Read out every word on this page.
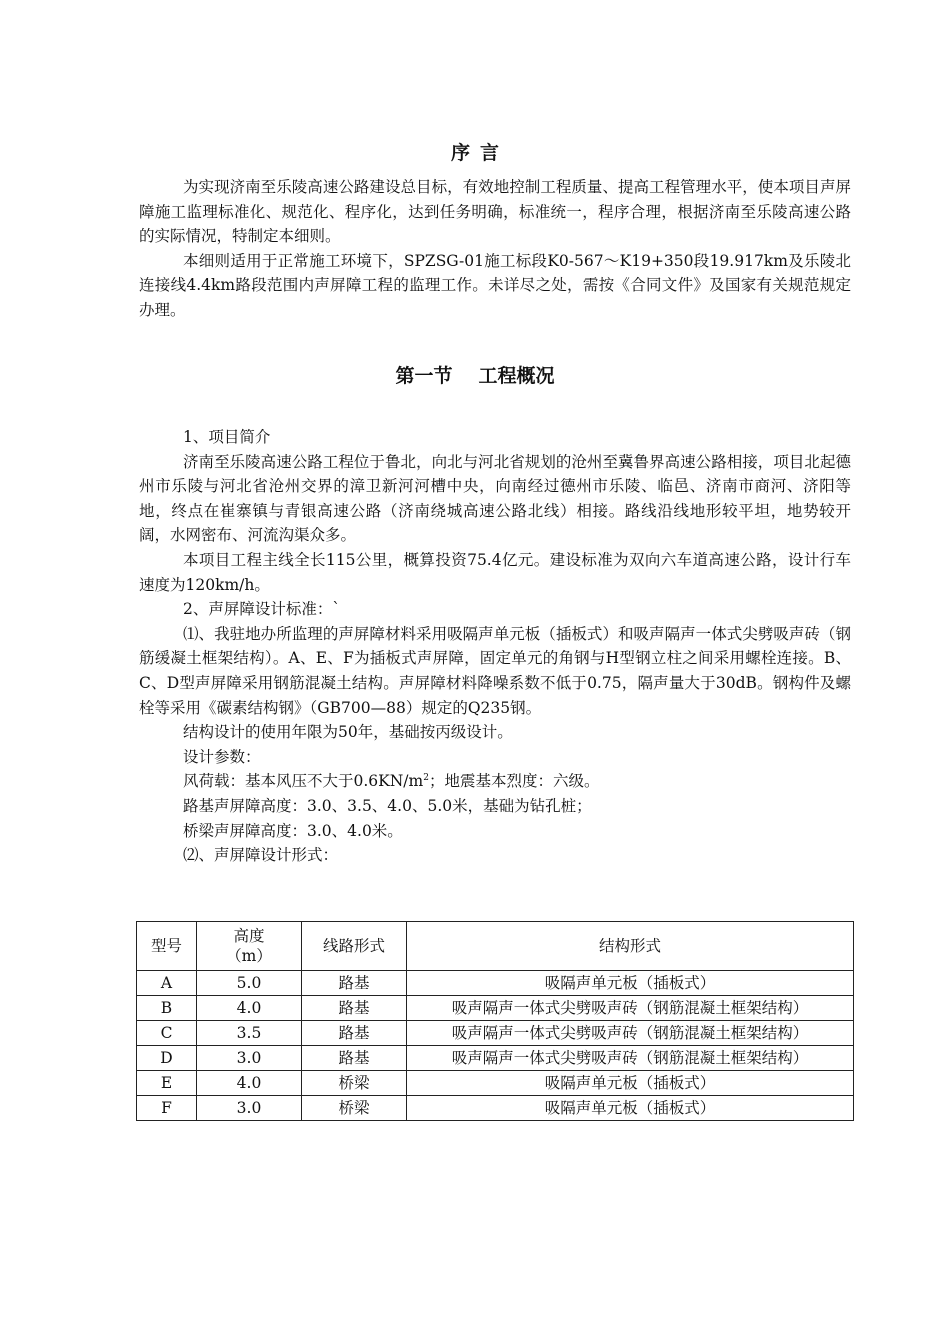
序言

为实现济南至乐陵高速公路建设总目标，有效地控制工程质量、提高工程管理水平，使本项目声屏障施工监理标准化、规范化、程序化，达到任务明确，标准统一，程序合理，根据济南至乐陵高速公路的实际情况，特制定本细则。

本细则适用于正常施工环境下，SPZSG-01施工标段K0-567～K19+350段19.917km及乐陵北连接线4.4km路段范围内声屏障工程的监理工作。未详尽之处，需按《合同文件》及国家有关规范规定办理。

第一节 工程概况

1、项目简介

济南至乐陵高速公路工程位于鲁北，向北与河北省规划的沧州至冀鲁界高速公路相接，项目北起德州市乐陵与河北省沧州交界的漳卫新河河槽中央，向南经过德州市乐陵、临邑、济南市商河、济阳等地，终点在崔寨镇与青银高速公路（济南绕城高速公路北线）相接。路线沿线地形较平坦，地势较开阔，水网密布、河流沟渠众多。

本项目工程主线全长115公里，概算投资75.4亿元。建设标准为双向六车道高速公路，设计行车速度为120km/h。

2、声屏障设计标准：`

⑴、我驻地办所监理的声屏障材料采用吸隔声单元板（插板式）和吸声隔声一体式尖劈吸声砖（钢筋缓凝土框架结构）。A、E、F为插板式声屏障，固定单元的角钢与H型钢立柱之间采用螺栓连接。B、C、D型声屏障采用钢筋混凝土结构。声屏障材料降噪系数不低于0.75，隔声量大于30dB。钢构件及螺栓等采用《碳素结构钢》（GB700—88）规定的Q235钢。

结构设计的使用年限为50年，基础按丙级设计。

设计参数：

风荷载：基本风压不大于$0.6KN/m^2$；地震基本烈度：六级。

路基声屏障高度：3.0、3.5、4.0、5.0米，基础为钻孔桩；

桥梁声屏障高度：3.0、4.0米。

⑵、声屏障设计形式：

型号	高度
（m）	线路形式	结构形式
A	5.0	路基	吸隔声单元板（插板式）
B	4.0	路基	吸声隔声一体式尖劈吸声砖（钢筋混凝土框架结构）
C	3.5	路基	吸声隔声一体式尖劈吸声砖（钢筋混凝土框架结构）
D	3.0	路基	吸声隔声一体式尖劈吸声砖（钢筋混凝土框架结构）
E	4.0	桥梁	吸隔声单元板（插板式）
F	3.0	桥梁	吸隔声单元板（插板式）
